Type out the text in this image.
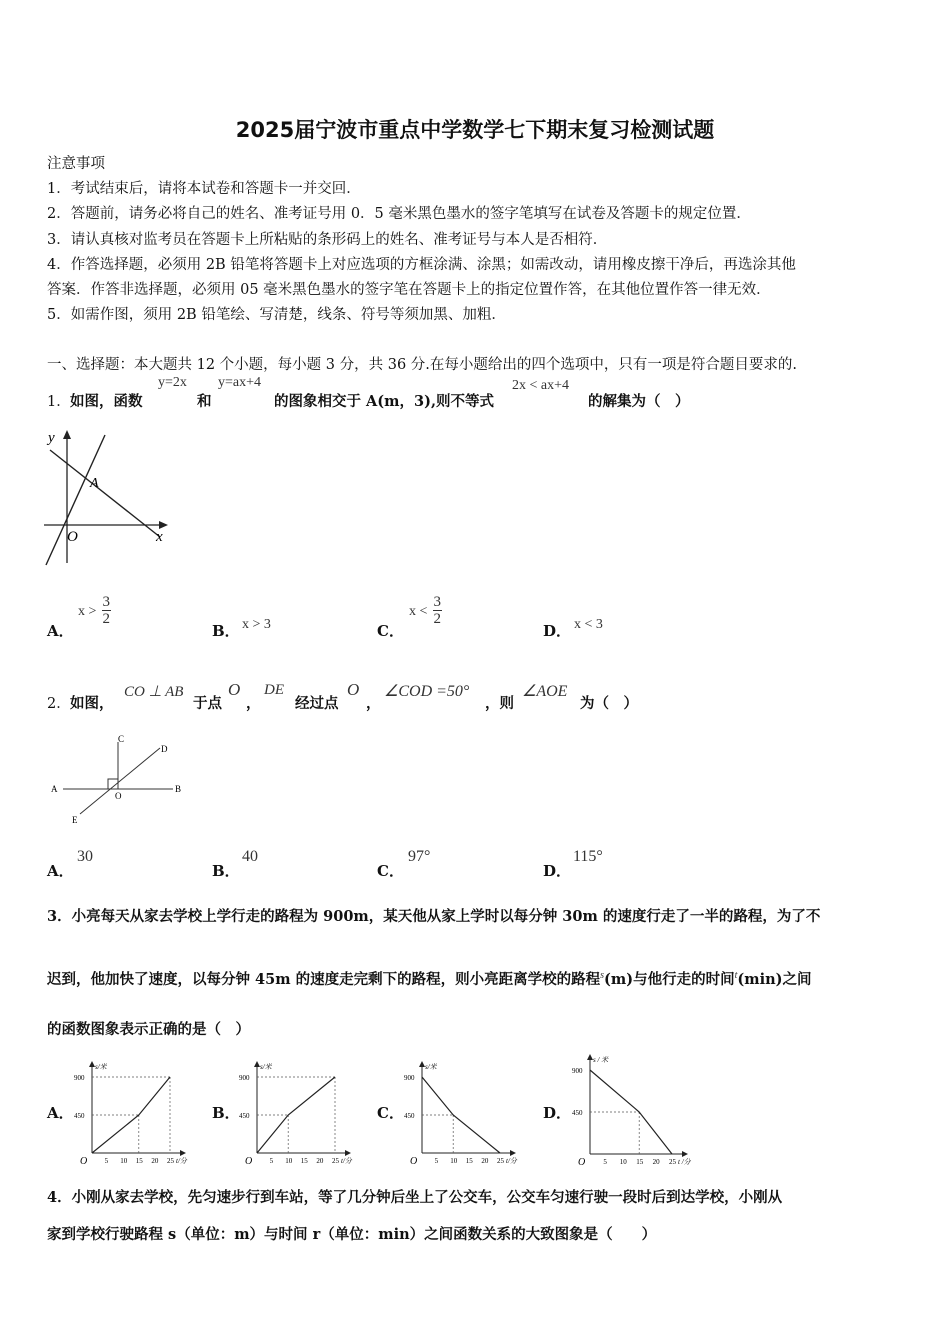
2025届宁波市重点中学数学七下期末复习检测试题
注意事项
1．考试结束后，请将本试卷和答题卡一并交回．
2．答题前，请务必将自己的姓名、准考证号用 0．5 毫米黑色墨水的签字笔填写在试卷及答题卡的规定位置．
3．请认真核对监考员在答题卡上所粘贴的条形码上的姓名、准考证号与本人是否相符．
4．作答选择题，必须用 2B 铅笔将答题卡上对应选项的方框涂满、涂黑；如需改动，请用橡皮擦干净后，再选涂其他
答案．作答非选择题，必须用 05 毫米黑色墨水的签字笔在答题卡上的指定位置作答，在其他位置作答一律无效．
5．如需作图，须用 2B 铅笔绘、写清楚，线条、符号等须加黑、加粗．
一、选择题：本大题共 12 个小题，每小题 3 分，共 36 分.在每小题给出的四个选项中，只有一项是符合题目要求的.
1． 如图，函数
y=2x
和
y=ax+4
的图象相交于 A(m，3),则不等式
2x < ax+4
的解集为（　）
y
x
A
O
A．
$x > \frac{3}{2}$
B． x > 3	C．
$x < \frac{3}{2}$
D． x < 3
2． 如图，
CO ⊥ AB
于点
O
，
DE
经过点
O
，
∠COD =50°
，则
∠AOE
为（　）
A	B
C
D
E
O
A．
30
B．
40
C．
97°
D．
115°
3．小亮每天从家去学校上学行走的路程为 900m，某天他从家上学时以每分钟 30m 的速度行走了一半的路程，为了不
迟到，他加快了速度，以每分钟 45m 的速度走完剩下的路程，则小亮距离学校的路程$^s$(m)与他行走的时间$^t$(min)之间
的函数图象表示正确的是（　）
A．	B．	C．	D．
s/米
t/分
O
900
450
5 10 15 20 25
s/米
t/分
O
900
450
5 10 15 20 25
s/米
t/分
O
900
450
5 10 15 20 25
s / 米
t /分
O
900
450
5 10 15 20 25
4．小刚从家去学校，先匀速步行到车站，等了几分钟后坐上了公交车，公交车匀速行驶一段时后到达学校，小刚从
家到学校行驶路程 s（单位：m）与时间 r（单位：min）之间函数关系的大致图象是（　　）
